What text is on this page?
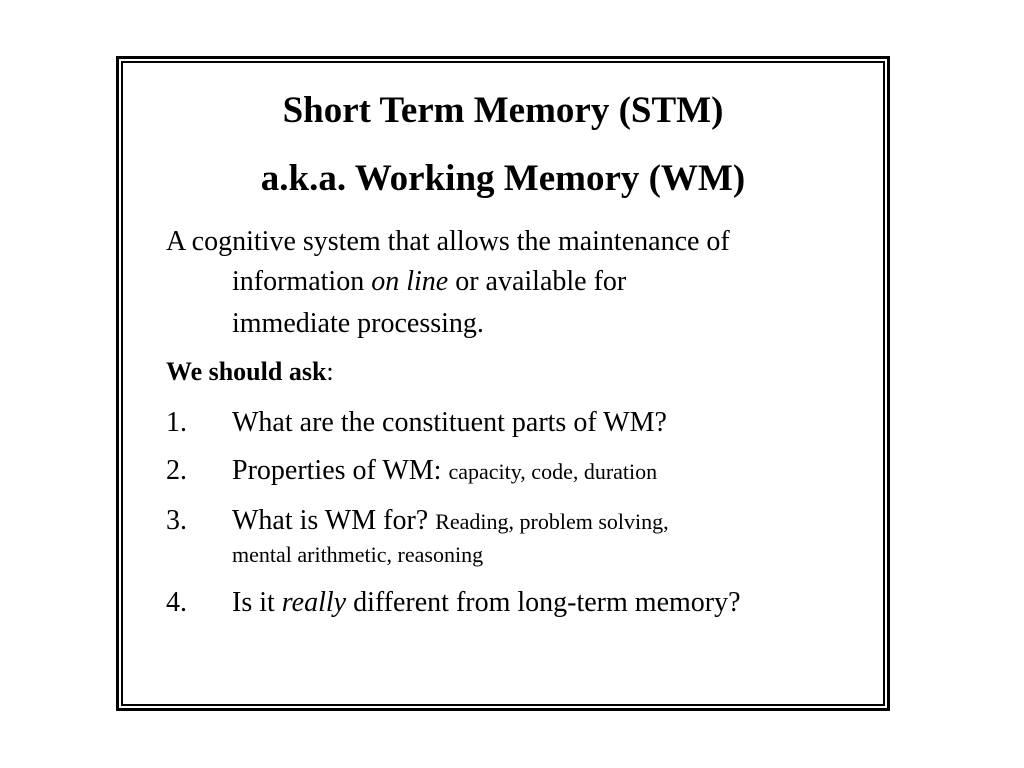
Short Term Memory (STM)
a.k.a. Working Memory (WM)
A cognitive system that allows the maintenance of
information on line or available for
immediate processing.
We should ask:
1. What are the constituent parts of WM?
2. Properties of WM: capacity, code, duration
3. What is WM for? Reading, problem solving,
mental arithmetic, reasoning
4. Is it really different from long-term memory?
